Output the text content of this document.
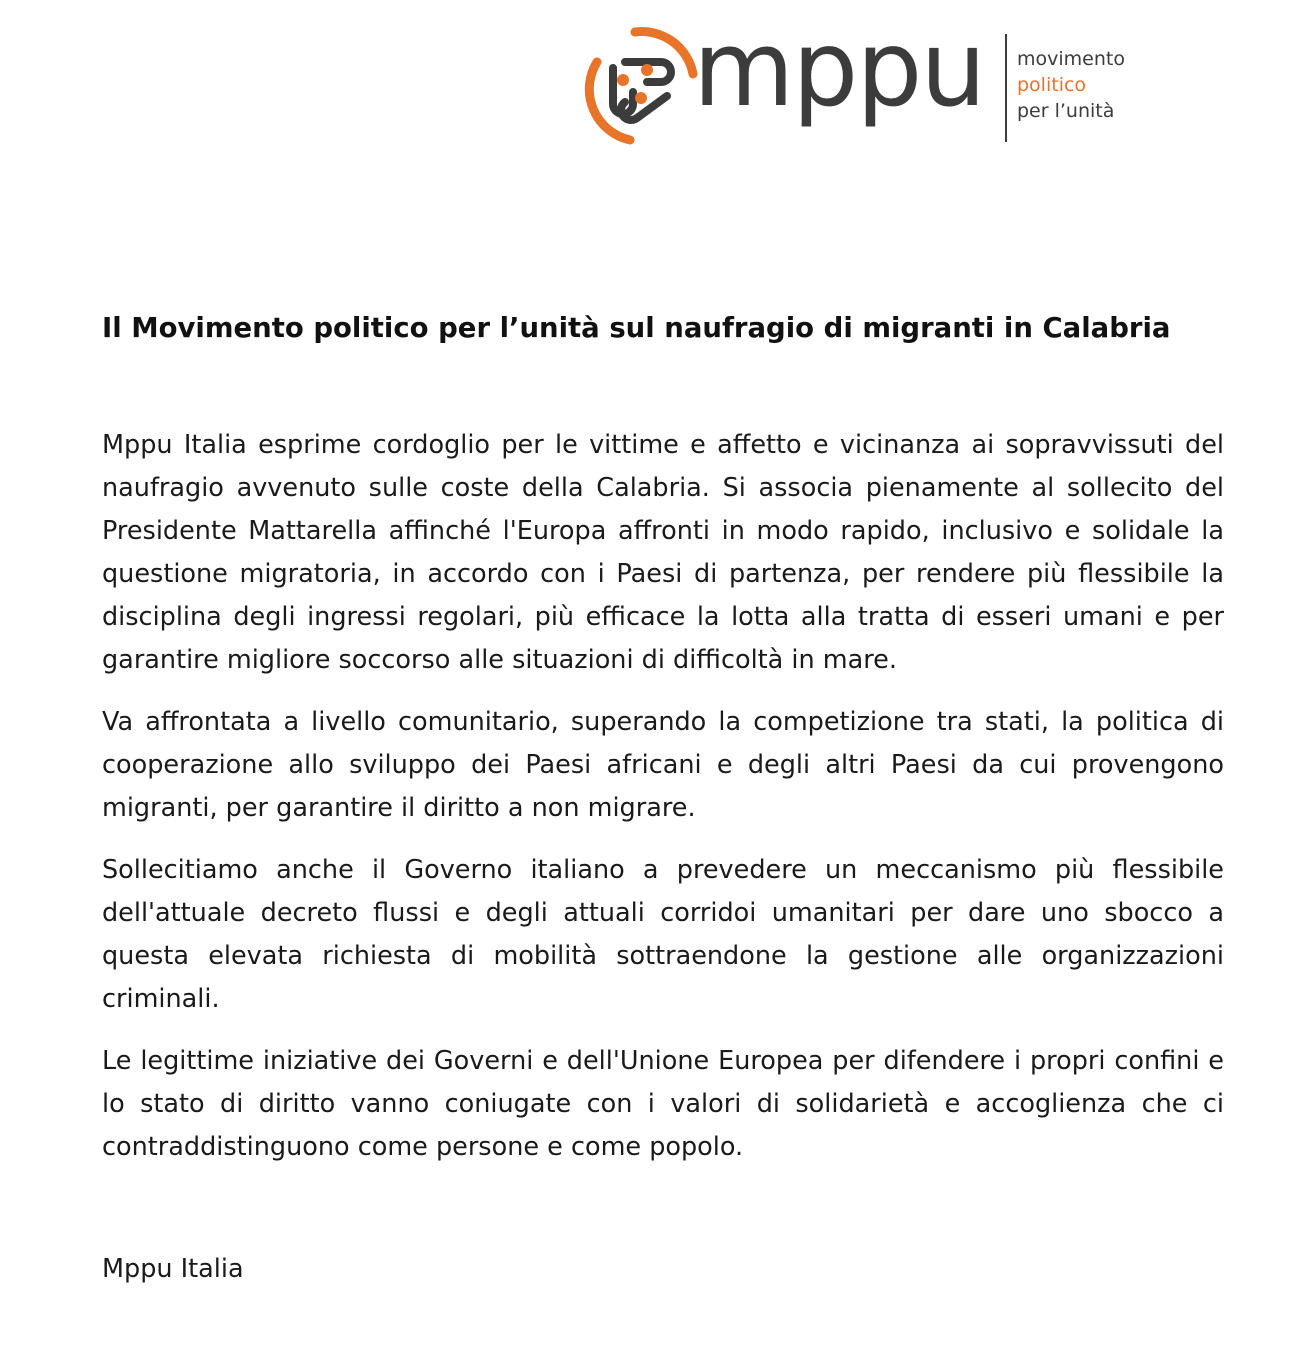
mppu movimento
politico
per l’unità
Il Movimento politico per l’unità sul naufragio di migranti in Calabria

Mppu Italia esprime cordoglio per le vittime e affetto e vicinanza ai sopravvissuti del naufragio avvenuto sulle coste della Calabria. Si associa pienamente al sollecito del Presidente Mattarella affinché l'Europa affronti in modo rapido, inclusivo e solidale la questione migratoria, in accordo con i Paesi di partenza, per rendere più flessibile la disciplina degli ingressi regolari, più efficace la lotta alla tratta di esseri umani e per garantire migliore soccorso alle situazioni di difficoltà in mare.

Va affrontata a livello comunitario, superando la competizione tra stati, la politica di cooperazione allo sviluppo dei Paesi africani e degli altri Paesi da cui provengono migranti, per garantire il diritto a non migrare.

Sollecitiamo anche il Governo italiano a prevedere un meccanismo più flessibile dell'attuale decreto flussi e degli attuali corridoi umanitari per dare uno sbocco a questa elevata richiesta di mobilità sottraendone la gestione alle organizzazioni criminali.

Le legittime iniziative dei Governi e dell'Unione Europea per difendere i propri confini e lo stato di diritto vanno coniugate con i valori di solidarietà e accoglienza che ci contraddistinguono come persone e come popolo.

Mppu Italia
